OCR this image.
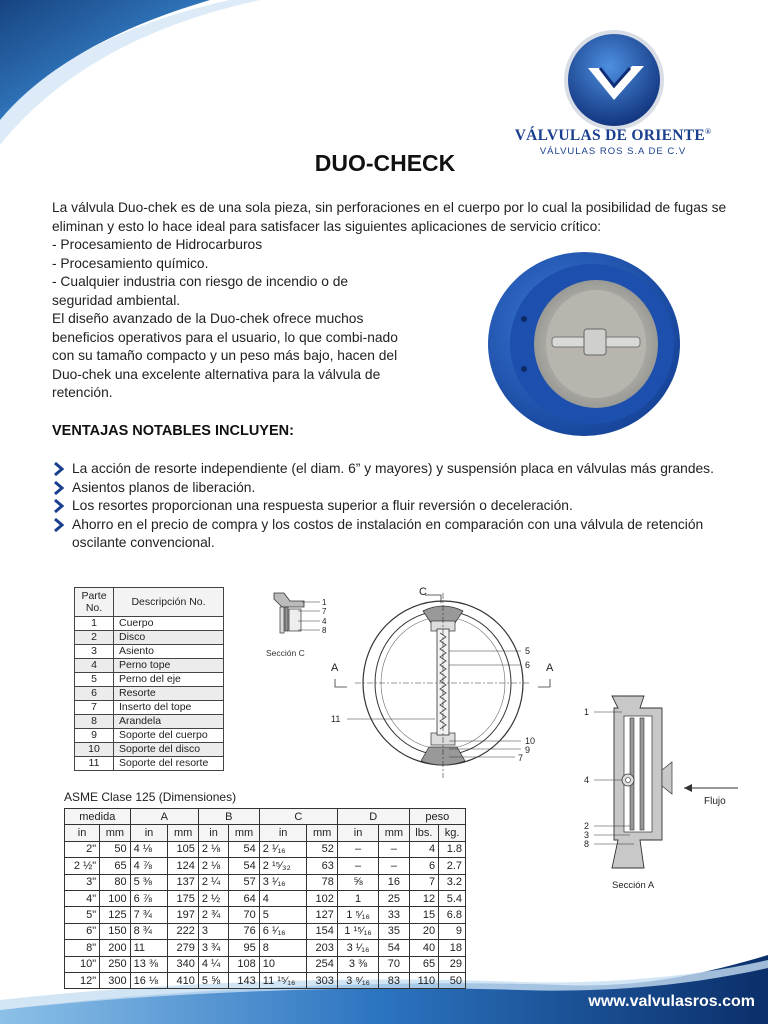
VÁLVULAS DE ORIENTE®
VÁLVULAS ROS S.A DE C.V
DUO-CHECK

La válvula Duo-chek es de una sola pieza, sin perforaciones en el cuerpo por lo cual la posibilidad de fugas se eliminan y esto lo hace ideal para satisfacer las siguientes aplicaciones de servicio crítico:

- Procesamiento de Hidrocarburos

- Procesamiento químico.

- Cualquier industria con riesgo de incendio o de seguridad ambiental.

El diseño avanzado de la Duo-chek ofrece muchos beneficios operativos para el usuario, lo que combi-nado con su tamaño compacto y un peso más bajo, hacen del Duo-chek una excelente alternativa para la válvula de retención.

VENTAJAS NOTABLES INCLUYEN:
La acción de resorte independiente (el diam. 6” y mayores) y suspensión placa en válvulas más grandes.
Asientos planos de liberación.
Los resortes proporcionan una respuesta superior a fluir reversión o deceleración.
Ahorro en el precio de compra y los costos de instalación en comparación con una válvula de retención oscilante convencional.
Parte No.	Descripción No.
1	Cuerpo
2	Disco
3	Asiento
4	Perno tope
5	Perno del eje
6	Resorte
7	Inserto del tope
8	Arandela
9	Soporte del cuerpo
10	Soporte del disco
11	Soporte del resorte
1
7
4
8
Sección C
A	A
C
5
6
11
10
9
7
1
4
2
3
8
Flujo
Sección A
ASME Clase 125 (Dimensiones)
medida		A		B		C		D		peso	
in	mm	in	mm	in	mm	in	mm	in	mm	lbs.	kg.
2"	50	4 ⅛	105	2 ⅛	54	2 ¹⁄₁₆	52	–	–	4	1.8
2 ½"	65	4 ⅞	124	2 ⅛	54	2 ¹⁵⁄₃₂	63	–	–	6	2.7
3"	80	5 ⅜	137	2 ¼	57	3 ¹⁄₁₆	78	⅝	16	7	3.2
4"	100	6 ⅞	175	2 ½	64	4	102	1	25	12	5.4
5"	125	7 ¾	197	2 ¾	70	5	127	1 ⁵⁄₁₆	33	15	6.8
6"	150	8 ¾	222	3	76	6 ¹⁄₁₆	154	1 ¹⁵⁄₁₆	35	20	9
8"	200	11	279	3 ¾	95	8	203	3 ¹⁄₁₆	54	40	18
10"	250	13 ⅜	340	4 ¼	108	10	254	3 ⅜	70	65	29
12"	300	16 ⅛	410	5 ⅝	143	11 ¹⁵⁄₁₆	303	3 ⁹⁄₁₆	83	110	50
www.valvulasros.com
